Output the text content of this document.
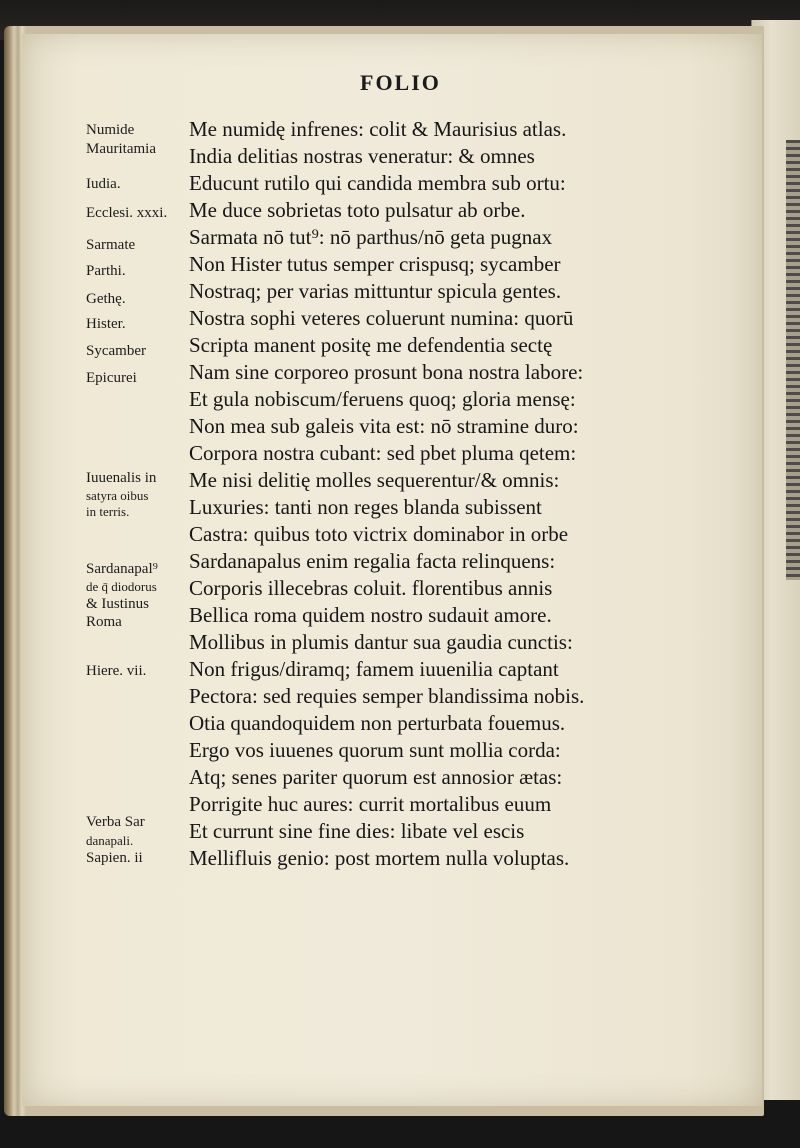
FOLIO
Me numidę infrenes: colit & Maurisius atlas.
India delitias nostras veneratur: & omnes
Educunt rutilo qui candida membra sub ortu:
Me duce sobrietas toto pulsatur ab orbe.
Sarmata nō tut⁹: nō parthus/nō geta pugnax
Non Hister tutus semper crispusq; sycamber
Nostraq; per varias mittuntur spicula gentes.
Nostra sophi veteres coluerunt numina: quorū
Scripta manent positę me defendentia sectę
Nam sine corporeo prosunt bona nostra labore:
Et gula nobiscum/feruens quoq; gloria mensę:
Non mea sub galeis vita est: nō stramine duro:
Corpora nostra cubant: sed pbet pluma qetem:
Me nisi delitię molles sequerentur/& omnis:
Luxuries: tanti non reges blanda subissent
Castra: quibus toto victrix dominabor in orbe
Sardanapalus enim regalia facta relinquens:
Corporis illecebras coluit. florentibus annis
Bellica roma quidem nostro sudauit amore.
Mollibus in plumis dantur sua gaudia cunctis:
Non frigus/diramq; famem iuuenilia captant
Pectora: sed requies semper blandissima nobis.
Otia quandoquidem non perturbata fouemus.
Ergo vos iuuenes quorum sunt mollia corda:
Atq; senes pariter quorum est annosior ætas:
Porrigite huc aures: currit mortalibus euum
Et currunt sine fine dies: libate vel escis
Mellifluis genio: post mortem nulla voluptas.
Numide
Mauritamia
Iudia.
Ecclesi. xxxi.
Sarmate
Parthi.
Gethę.
Hister.
Sycamber
Epicurei
Iuuenalis in
satyra oibus
in terris.
Sardanapal⁹
de q̄ diodorus
& Iustinus
Roma
Hiere. vii.
Verba Sar
danapali.
Sapien. ii
